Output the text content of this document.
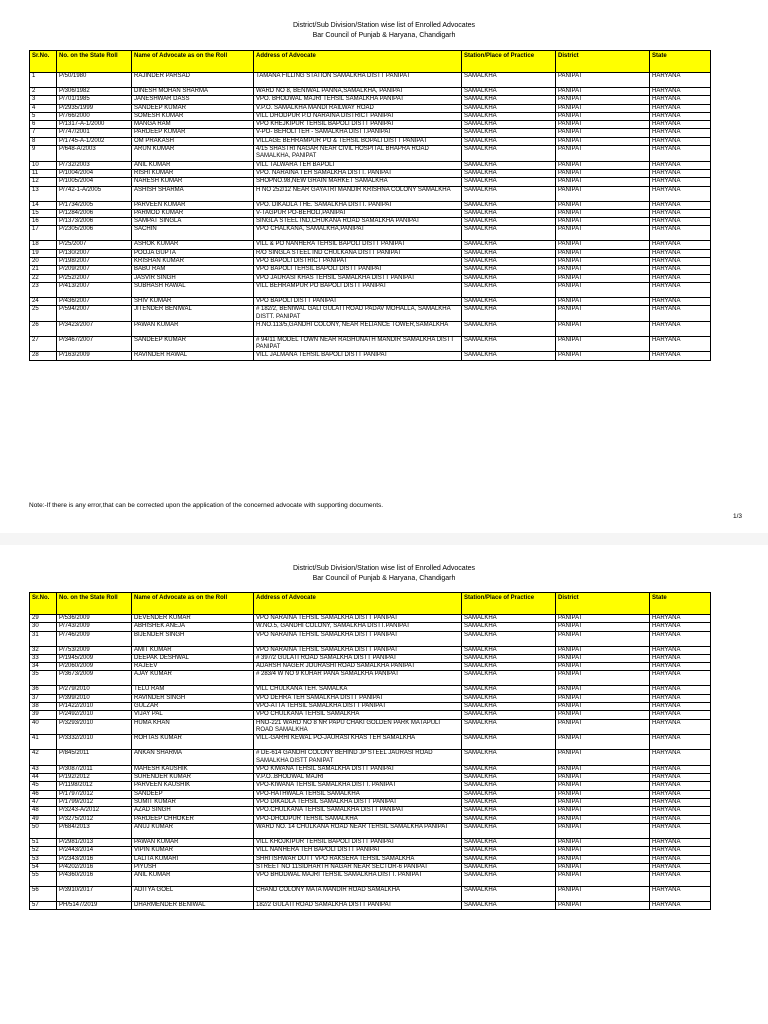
District/Sub Division/Station wise list of Enrolled Advocates
Bar Council of Punjab & Haryana, Chandigarh
Sr.No.	No. on the State Roll	Name of Advocate as on the Roll	Address of Advocate	Station/Place of Practice	District	State
1	P/50/1980	RAJINDER PARSAD	TAMANA FILLING STATION SAMALKHA DISTT PANIPAT	SAMALKHA	PANIPAT	HARYANA
2	P/306/1982	DINESH MOHAN SHARMA	WARD NO 8, BENIWAL PANNA,SAMALKHA, PANIPAT	SAMALKHA	PANIPAT	HARYANA
3	P/701/1985	JANESHWAR DASS	VPO. BHODWAL MAJRI TEHSIL SAMALKHA PANIPAT	SAMALKHA	PANIPAT	HARYANA
4	P/2935/1999	SANDEEP KUMAR	V.P.O. SAMALKHA MANDI RAILWAY ROAD	SAMALKHA	PANIPAT	HARYANA
5	P/766/2000	SOMESH KUMAR	VILL DHODPUR P.O NARAINA DISTRICT PANIPAT	SAMALKHA	PANIPAT	HARYANA
6	P/1317-A-1/2000	MANGA RAM	VPO KHEJKIPUR TEHSIL BAPOLI DISTT PANIPAT	SAMALKHA	PANIPAT	HARYANA
7	P/747/2001	PARDEEP KUMAR	V-PO- BEHOLI TEH - SAMALKHA DISTT.PANIPAT	SAMALKHA	PANIPAT	HARYANA
8	P/1745-A-1/2002	OM PRAKASH	VILLAGE BEHRAMPUR PO & TEHSIL BOPALI DISTT PANIPAT	SAMALKHA	PANIPAT	HARYANA
9	P/648-A/2003	ARUN KUMAR	4/15 SHASTRI NAGAR NEAR CIVIL HOSPITAL BHAPRA ROAD SAMALKHA, PANIPAT	SAMALKHA	PANIPAT	HARYANA
10	P/732/2003	ANIL KUMAR	VILL TALWARA TEH BAPOLI	SAMALKHA	PANIPAT	HARYANA
11	P/1004/2004	RISHI KUMAR	VPO. NARAINA TEH SAMALKHA DISTT. PANIPAT	SAMALKHA	PANIPAT	HARYANA
12	P/1005/2004	NARESH KUMAR	SHOPNO.98,NEW GRAIN MARKET SAMALKHA	SAMALKHA	PANIPAT	HARYANA
13	P/742-1-A/2005	ASHISH SHARMA	H NO 252/12 NEAR GAYATRI MANDIR KRISHNA COLONY SAMALKHA	SAMALKHA	PANIPAT	HARYANA
14	P/1734/2005	PARVEEN KUMAR	VPO. DIKADLA THE. SAMALKHA DISTT. PANIPAT	SAMALKHA	PANIPAT	HARYANA
15	P/1284/2006	PARMOD KUMAR	V-TAGPUR PO-BEHOLI,PANIPAT	SAMALKHA	PANIPAT	HARYANA
16	P/1373/2006	SAMPAT SINGLA	SINGLA STEEL IND,CHUKANA ROAD SAMALKHA PANIPAT	SAMALKHA	PANIPAT	HARYANA
17	P/2305/2006	SACHIN	VPO CHALKANA, SAMALKHA,PANIPAT	SAMALKHA	PANIPAT	HARYANA
18	P/25/2007	ASHOK KUMAR	VILL & PO NANHERA TEHSIL BAPOLI DISTT PANIPAT	SAMALKHA	PANIPAT	HARYANA
19	P/130/2007	POOJA GUPTA	R/O SINGLA STEEL IND CHULKANA DISTT PANIPAT	SAMALKHA	PANIPAT	HARYANA
20	P/198/2007	KRISHAN KUMAR	VPO BAPOLI DISTRICT PANIPAT	SAMALKHA	PANIPAT	HARYANA
21	P/209/2007	BABU RAM	VPO BAPOLI TEHSIL BAPOLI DISTT PANIPAT	SAMALKHA	PANIPAT	HARYANA
22	P/252/2007	JASVIR SINGH	VPO JAURASI KHAS TEHSIL SAMALKHA DISTT PANIPAT	SAMALKHA	PANIPAT	HARYANA
23	P/413/2007	SUBHASH RAWAL	VILL BEHRAMPUR PO BAPOLI DISTT PANIPAT	SAMALKHA	PANIPAT	HARYANA
24	P/436/2007	SHIV KUMAR	VPO BAPOLI DISTT PANIPAT	SAMALKHA	PANIPAT	HARYANA
25	P/594/2007	JITENDER BENIWAL	# 182/2, BENIWAL GALI GULATI ROAD PADAV MOHALLA, SAMALKHA DISTT. PANIPAT	SAMALKHA	PANIPAT	HARYANA
26	P/3423/2007	PAWAN KUMAR	H.NO.113/5,GANDHI COLONY, NEAR RELIANCE TOWER,SAMALKHA	SAMALKHA	PANIPAT	HARYANA
27	P/3467/2007	SANDEEP KUMAR	# 94/11 MODEL TOWN NEAR RAGHUNATH MANDIR SAMALKHA DISTT PANIPAT	SAMALKHA	PANIPAT	HARYANA
28	P/163/2009	RAVINDER RAWAL	VILL JALMANA TEHSIL BAPOLI DISTT PANIPAT	SAMALKHA	PANIPAT	HARYANA
Note:-If there is any error,that can be corrected upon the application of the concerned advocate with supporting documents.
1/3
District/Sub Division/Station wise list of Enrolled Advocates
Bar Council of Punjab & Haryana, Chandigarh
Sr.No.	No. on the State Roll	Name of Advocate as on the Roll	Address of Advocate	Station/Place of Practice	District	State
29	P/536/2009	DEVENDER KUMAR	VPO NARAINA TEHSIL SAMALKHA DISTT PANIPAT	SAMALKHA	PANIPAT	HARYANA
30	P/743/2009	ABHISHEK ANEJA	W.NO.5, GANDHI COLONY, SAMALKHA DISTT.PANIPAT	SAMALKHA	PANIPAT	HARYANA
31	P/746/2009	BIJENDER SINGH	VPO NARAINA TEHSIL SAMALKHA DISTT PANIPAT	SAMALKHA	PANIPAT	HARYANA
32	P/753/2009	AMIT KUMAR	VPO NARAINA TEHSIL SAMALKHA DISTT PANIPAT	SAMALKHA	PANIPAT	HARYANA
33	P/1945/2009	DEEPAK DESHWAL	# 397/2 GULATI ROAD SAMALKHA DISTT PANIPAT	SAMALKHA	PANIPAT	HARYANA
34	P/2060/2009	RAJEEV	ADARSH NAGER JOURASHI ROAD SAMALKHA PANIPAT	SAMALKHA	PANIPAT	HARYANA
35	P/3673/2009	AJAY KUMAR	# 283/4 W NO 9 KUHAR PANA SAMALKHA PANIPAT	SAMALKHA	PANIPAT	HARYANA
36	P/279/2010	TELU RAM	VILL CHULKANA TEH. SAMALKA	SAMALKHA	PANIPAT	HARYANA
37	P/399/2010	RAVINDER SINGH	VPO DEHRA TEH SAMALKHA DISTT PANIPAT	SAMALKHA	PANIPAT	HARYANA
38	P/1422/2010	GULZAR	VPO-ATTA TEHSIL SAMALKHA DISTT PANIPAT	SAMALKHA	PANIPAT	HARYANA
39	P/2492/2010	VIJAY PAL	VPO CHULKANA TEHSIL SAMALKHA	SAMALKHA	PANIPAT	HARYANA
40	P/3293/2010	HUMA KHAN	HNO-221 WARD NO 8 NR PAPU CHAKI GOLDEN PARK MATAPULI ROAD SAMALKHA	SAMALKHA	PANIPAT	HARYANA
41	P/3332/2010	ROHTAS KUMAR	VILL-GARHI KEWAL PO-JAURASI KHAS TEH SAMALKHA	SAMALKHA	PANIPAT	HARYANA
42	P/845/2011	ANKAN SHARMA	# DE-614 GANDHI COLONY BEHIND JP STEEL JAURASI ROAD SAMALKHA DISTT PANIPAT	SAMALKHA	PANIPAT	HARYANA
43	P/3087/2011	MAHESH KAUSHIK	VPO KIWANA TEHSIL SAMALKHA DISTT PANIPAT	SAMALKHA	PANIPAT	HARYANA
44	P/192/2012	SURENDER KUMAR	V.P.O..BHODWAL MAJRI	SAMALKHA	PANIPAT	HARYANA
45	P/1198/2012	PARVEEN KAUSHIK	VPO-KIWANA TEHSIL SAMALKHA DISTT. PANIPAT	SAMALKHA	PANIPAT	HARYANA
46	P/1797/2012	SANDEEP	VPO-HATHWALA TEHSIL SAMALKHA	SAMALKHA	PANIPAT	HARYANA
47	P/1799/2012	SUMIT KUMAR	VPO DIKADLA TEHSIL SAMALKHA DISTT PANIPAT	SAMALKHA	PANIPAT	HARYANA
48	P/3243-A/2012	AZAD SINGH	VPO.CHULKANA TEHSIL SAMALKHA DISTT PANIPAT	SAMALKHA	PANIPAT	HARYANA
49	P/3275/2012	PARDEEP CHHOKER	VPO-DHODPUR TEHSIL SAMALKHA	SAMALKHA	PANIPAT	HARYANA
50	P/684/2013	ANUJ KUMAR	WARD NO. 14 CHULKANA ROAD NEAR TEHSIL SAMALKHA PANIPAT	SAMALKHA	PANIPAT	HARYANA
51	P/2981/2013	PAWAN KUMAR	VILL KHOJKIPUR TEHSIL BAPOLI DISTT PANIPAT	SAMALKHA	PANIPAT	HARYANA
52	P/2443/2014	VIPIN KUMAR	VILL NANHERA TEH BAPOLI DISTT PANIPAT	SAMALKHA	PANIPAT	HARYANA
53	P/2343/2016	LALITA KUMARI	SHRI ISHWAR DUTT VPO RAKSERA TEHSIL SAMALKHA	SAMALKHA	PANIPAT	HARYANA
54	P/4202/2016	PIYUSH	STREET NO 11SIDHARTH NAGAR NEAR SECTOR-6 PANIPAT	SAMALKHA	PANIPAT	HARYANA
55	P/4360/2016	ANIL KUMAR	VPO BHODWAL MAJRI TEHSIL SAMALKHA DISTT. PANIPAT	SAMALKHA	PANIPAT	HARYANA
56	P/3910/2017	ADITYA GOEL	CHAND COLONY MATA MANDIR ROAD SAMALKHA	SAMALKHA	PANIPAT	HARYANA
57	PH/5147/2019	DHARMENDER BENIWAL	182/2 GULATI ROAD SAMALKHA DISTT PANIPAT	SAMALKHA	PANIPAT	HARYANA
